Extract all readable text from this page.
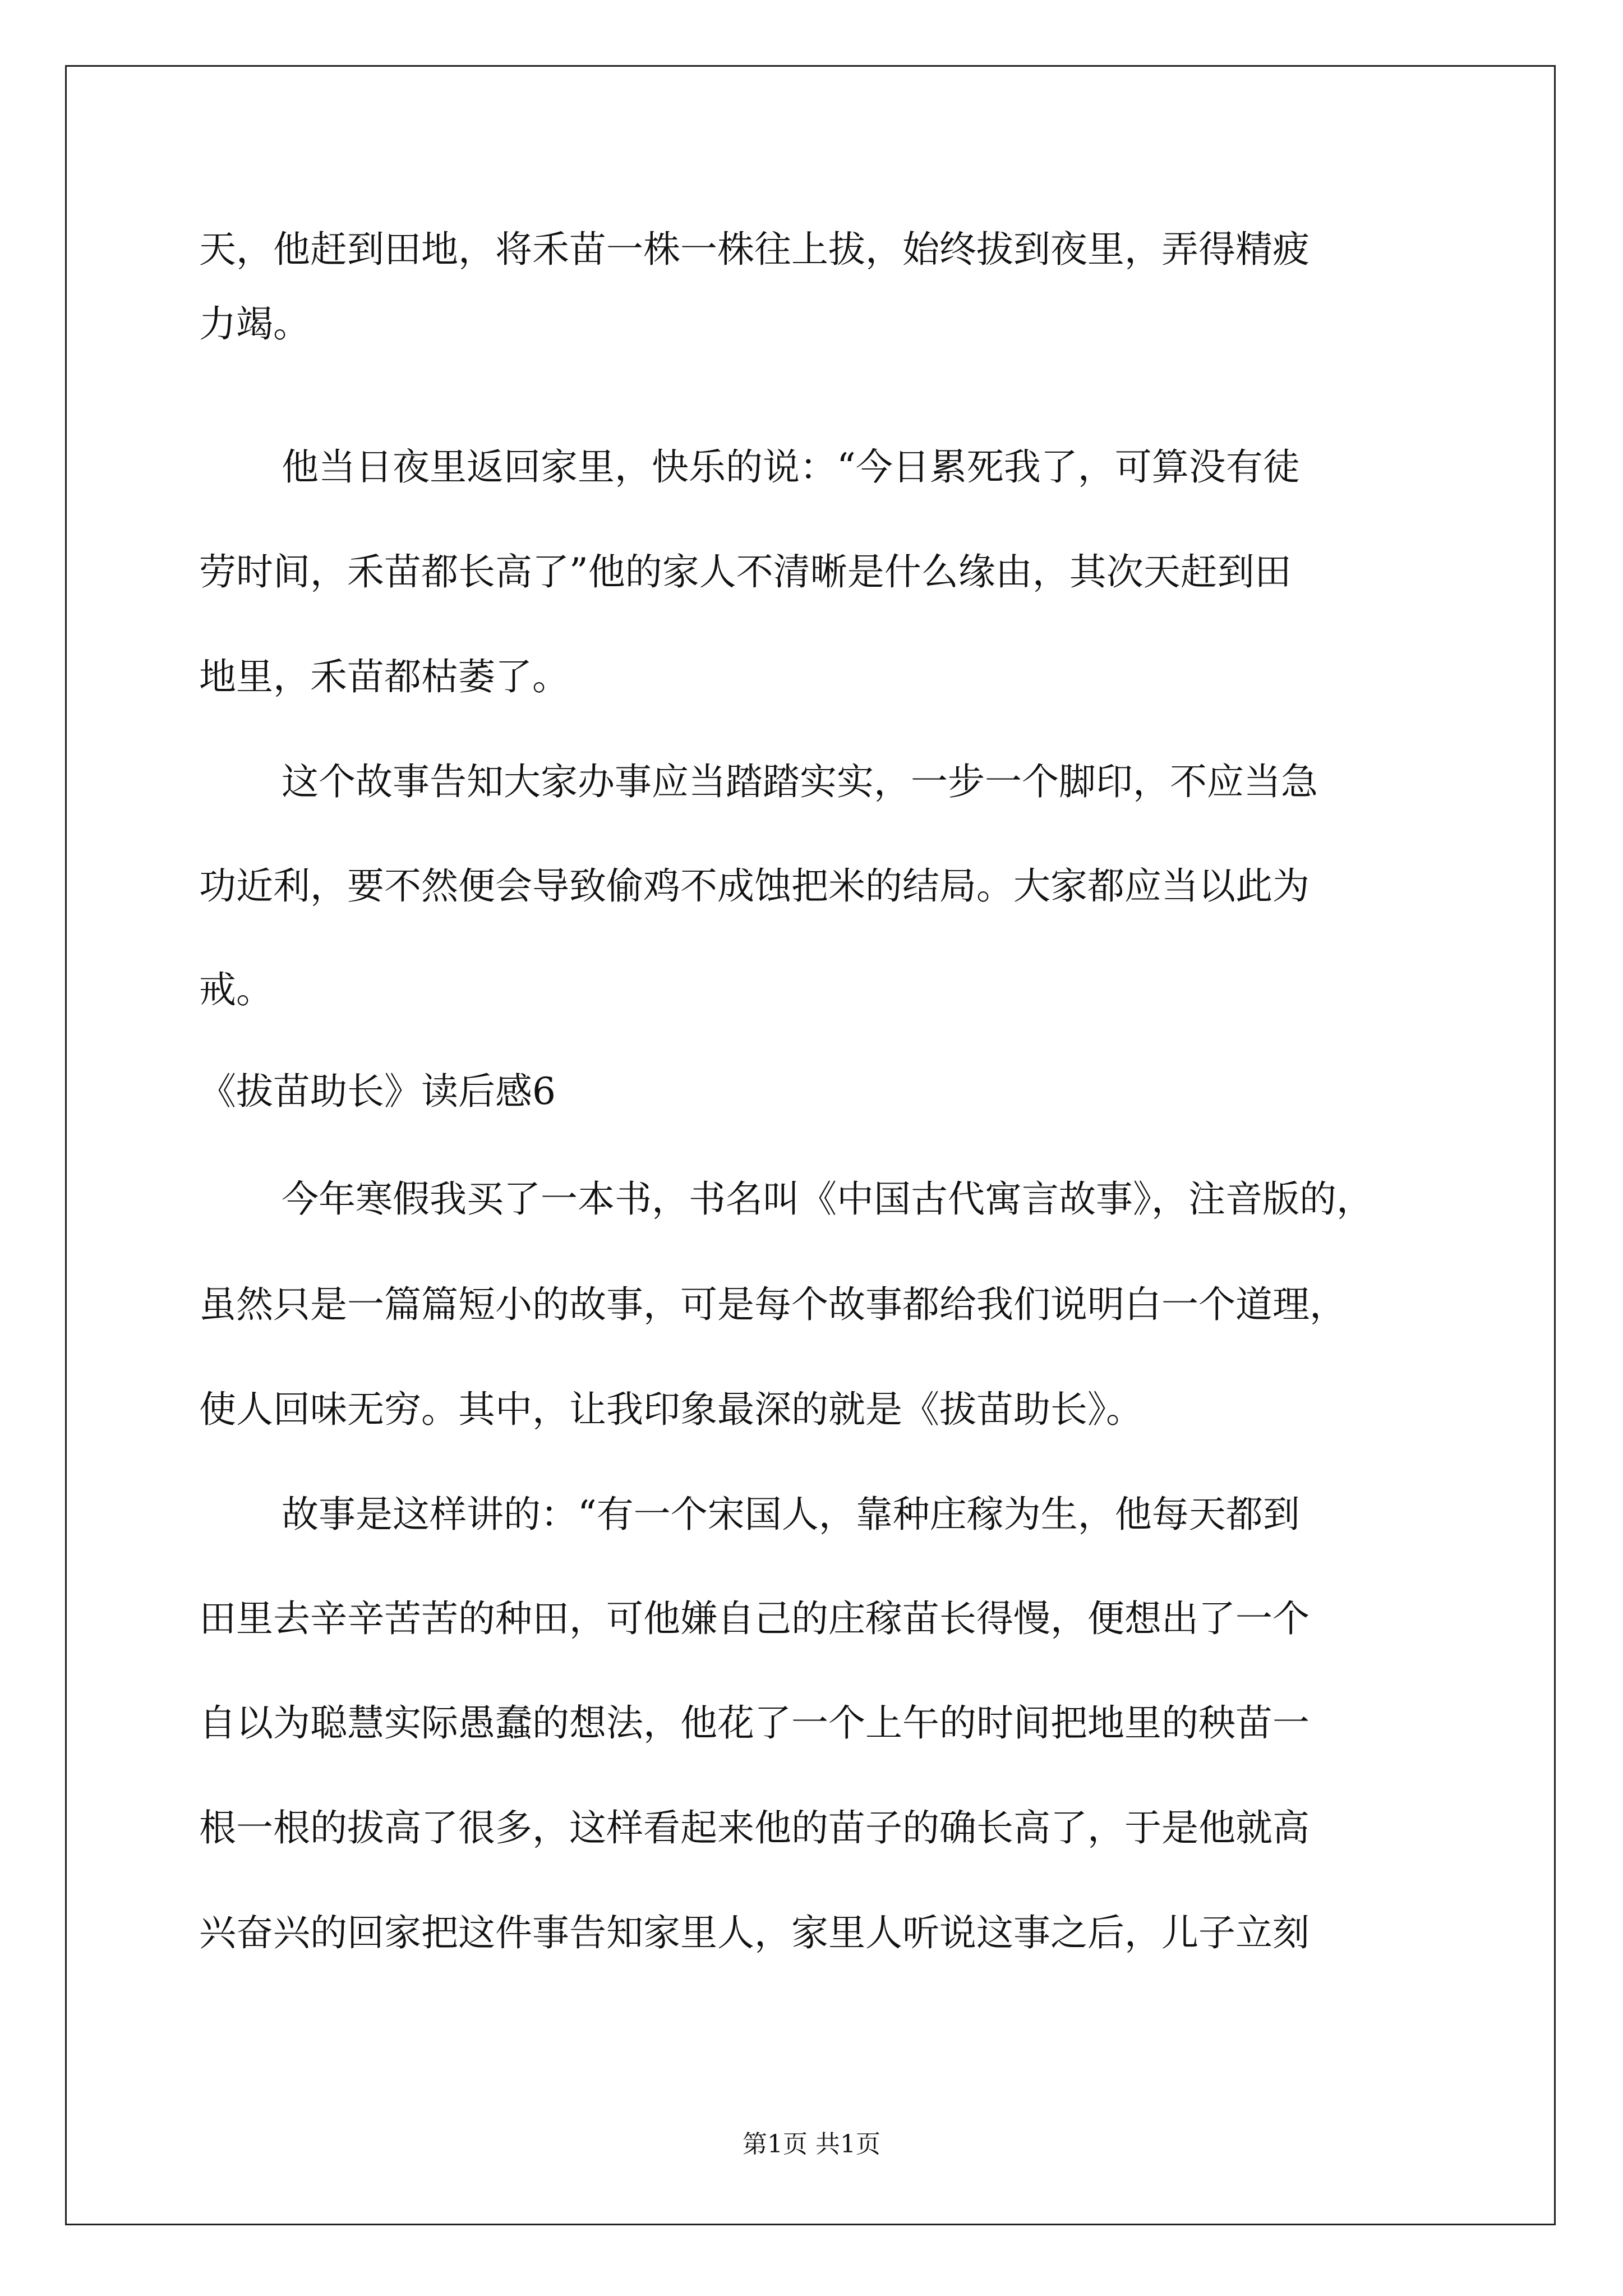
天，他赶到田地，将禾苗一株一株往上拔，始终拔到夜里，弄得精疲
力竭。
他当日夜里返回家里，快乐的说：“今日累死我了，可算没有徒
劳时间，禾苗都长高了”他的家人不清晰是什么缘由，其次天赶到田
地里，禾苗都枯萎了。
这个故事告知大家办事应当踏踏实实，一步一个脚印，不应当急
功近利，要不然便会导致偷鸡不成蚀把米的结局。大家都应当以此为
戒。
《拔苗助长》读后感6
今年寒假我买了一本书，书名叫《中国古代寓言故事》，注音版的，
虽然只是一篇篇短小的故事，可是每个故事都给我们说明白一个道理，
使人回味无穷。其中，让我印象最深的就是《拔苗助长》。
故事是这样讲的：“有一个宋国人，靠种庄稼为生，他每天都到
田里去辛辛苦苦的种田，可他嫌自己的庄稼苗长得慢，便想出了一个
自以为聪慧实际愚蠢的想法，他花了一个上午的时间把地里的秧苗一
根一根的拔高了很多，这样看起来他的苗子的确长高了，于是他就高
兴奋兴的回家把这件事告知家里人，家里人听说这事之后，儿子立刻
第1页 共1页
